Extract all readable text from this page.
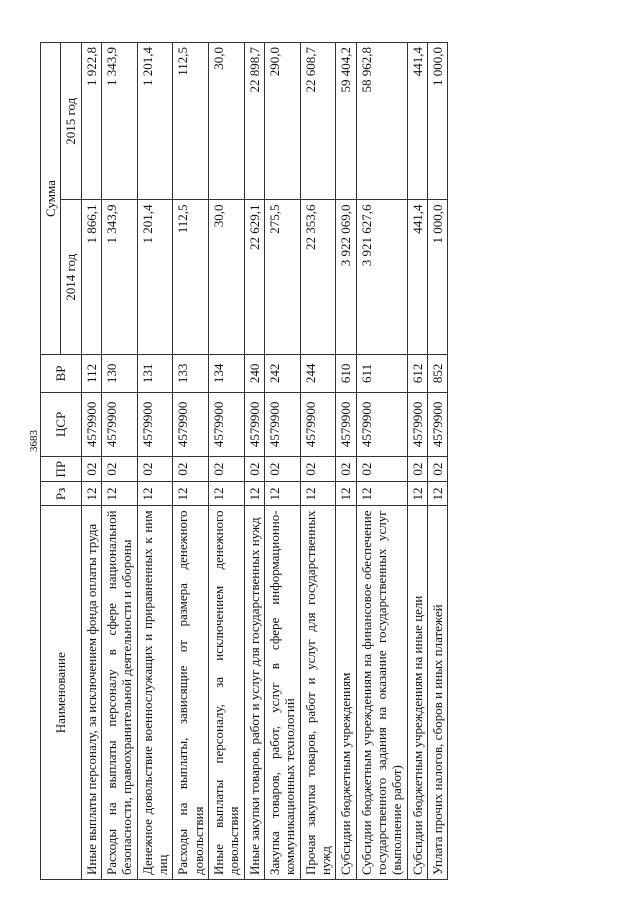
3683
Наименование	Рз	ПР	ЦСР	ВР	Сумма	
					2014 год	2015 год
Иные выплаты персоналу, за исключением фонда оплаты труда	12	02	4579900	112	1 866,1	1 922,8
Расходы на выплаты персоналу в сфере национальной безопасности, правоохранительной деятельности и обороны	12	02	4579900	130	1 343,9	1 343,9
Денежное довольствие военнослужащих и приравненных к ним лиц	12	02	4579900	131	1 201,4	1 201,4
Расходы на выплаты, зависящие от размера денежного довольствия	12	02	4579900	133	112,5	112,5
Иные выплаты персоналу, за исключением денежного довольствия	12	02	4579900	134	30,0	30,0
Иные закупки товаров, работ и услуг для государственных нужд	12	02	4579900	240	22 629,1	22 898,7
Закупка товаров, работ, услуг в сфере информационно-коммуникационных технологий	12	02	4579900	242	275,5	290,0
Прочая закупка товаров, работ и услуг для государственных нужд	12	02	4579900	244	22 353,6	22 608,7
Субсидии бюджетным учреждениям	12	02	4579900	610	3 922 069,0	59 404,2
Субсидии бюджетным учреждениям на финансовое обеспечение государственного задания на оказание государственных услуг (выполнение работ)	12	02	4579900	611	3 921 627,6	58 962,8
Субсидии бюджетным учреждениям на иные цели	12	02	4579900	612	441,4	441,4
Уплата прочих налогов, сборов и иных платежей	12	02	4579900	852	1 000,0	1 000,0
